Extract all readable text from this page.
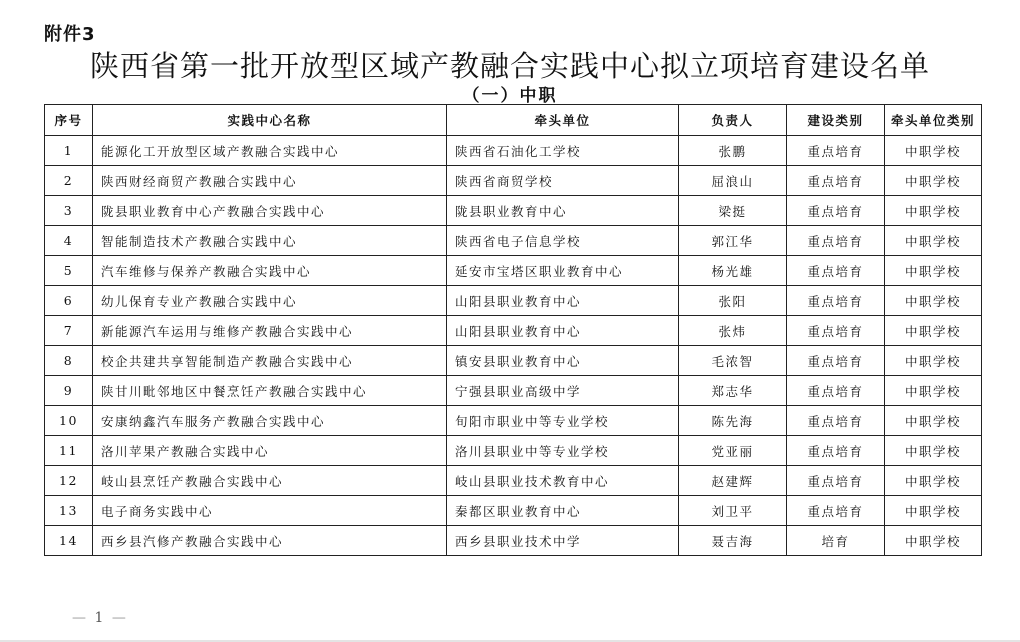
附件3
陕西省第一批开放型区域产教融合实践中心拟立项培育建设名单
（一）中职
序号	实践中心名称	牵头单位	负责人	建设类别	牵头单位类别
1	能源化工开放型区域产教融合实践中心	陕西省石油化工学校	张鹏	重点培育	中职学校
2	陕西财经商贸产教融合实践中心	陕西省商贸学校	屈浪山	重点培育	中职学校
3	陇县职业教育中心产教融合实践中心	陇县职业教育中心	梁挺	重点培育	中职学校
4	智能制造技术产教融合实践中心	陕西省电子信息学校	郭江华	重点培育	中职学校
5	汽车维修与保养产教融合实践中心	延安市宝塔区职业教育中心	杨光雄	重点培育	中职学校
6	幼儿保育专业产教融合实践中心	山阳县职业教育中心	张阳	重点培育	中职学校
7	新能源汽车运用与维修产教融合实践中心	山阳县职业教育中心	张炜	重点培育	中职学校
8	校企共建共享智能制造产教融合实践中心	镇安县职业教育中心	毛浓智	重点培育	中职学校
9	陕甘川毗邻地区中餐烹饪产教融合实践中心	宁强县职业高级中学	郑志华	重点培育	中职学校
10	安康纳鑫汽车服务产教融合实践中心	旬阳市职业中等专业学校	陈先海	重点培育	中职学校
11	洛川苹果产教融合实践中心	洛川县职业中等专业学校	党亚丽	重点培育	中职学校
12	岐山县烹饪产教融合实践中心	岐山县职业技术教育中心	赵建辉	重点培育	中职学校
13	电子商务实践中心	秦都区职业教育中心	刘卫平	重点培育	中职学校
14	西乡县汽修产教融合实践中心	西乡县职业技术中学	聂吉海	培育	中职学校
— 1 —
